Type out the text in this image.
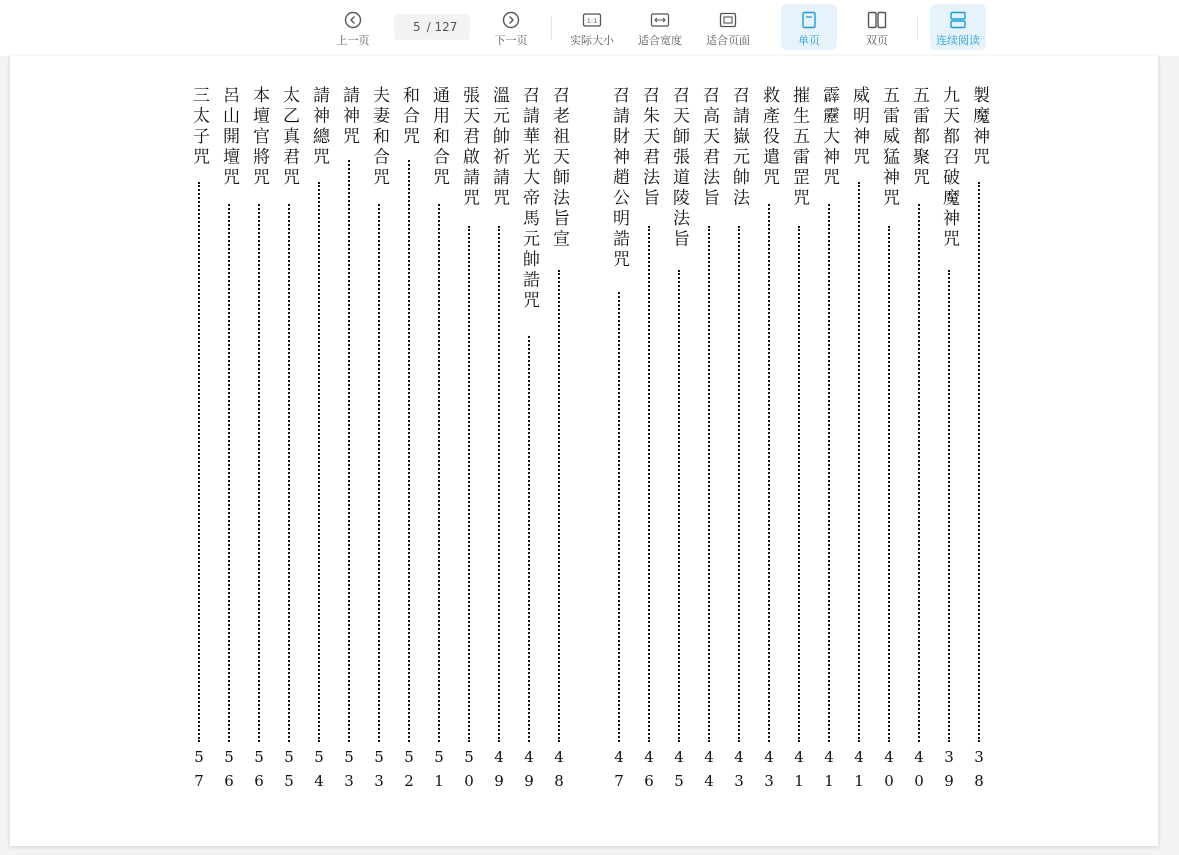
上一页
5
/ 127
下一页
1:1
实际大小 适合宽度 适合页面	单页	双页	连续阅读
製魔神咒
38
九天都召破魔神咒
39
五雷都聚咒
40
五雷威猛神咒
40
威明神咒
41
霹靂大神咒
41
摧生五雷罡咒
41
救產役遣咒
43
召請嶽元帥法
43
召高天君法旨
44
召天師張道陵法旨
45
召朱天君法旨
46
召請財神趙公明誥咒
47
召老祖天師法旨宣
48
召請華光大帝馬元帥誥咒
49
溫元帥祈請咒
49
張天君啟請咒
50
通用和合咒
51
和合咒
52
夫妻和合咒
53
請神咒
53
請神總咒
54
太乙真君咒
55
本壇官將咒
56
呂山開壇咒
56
三太子咒
57
